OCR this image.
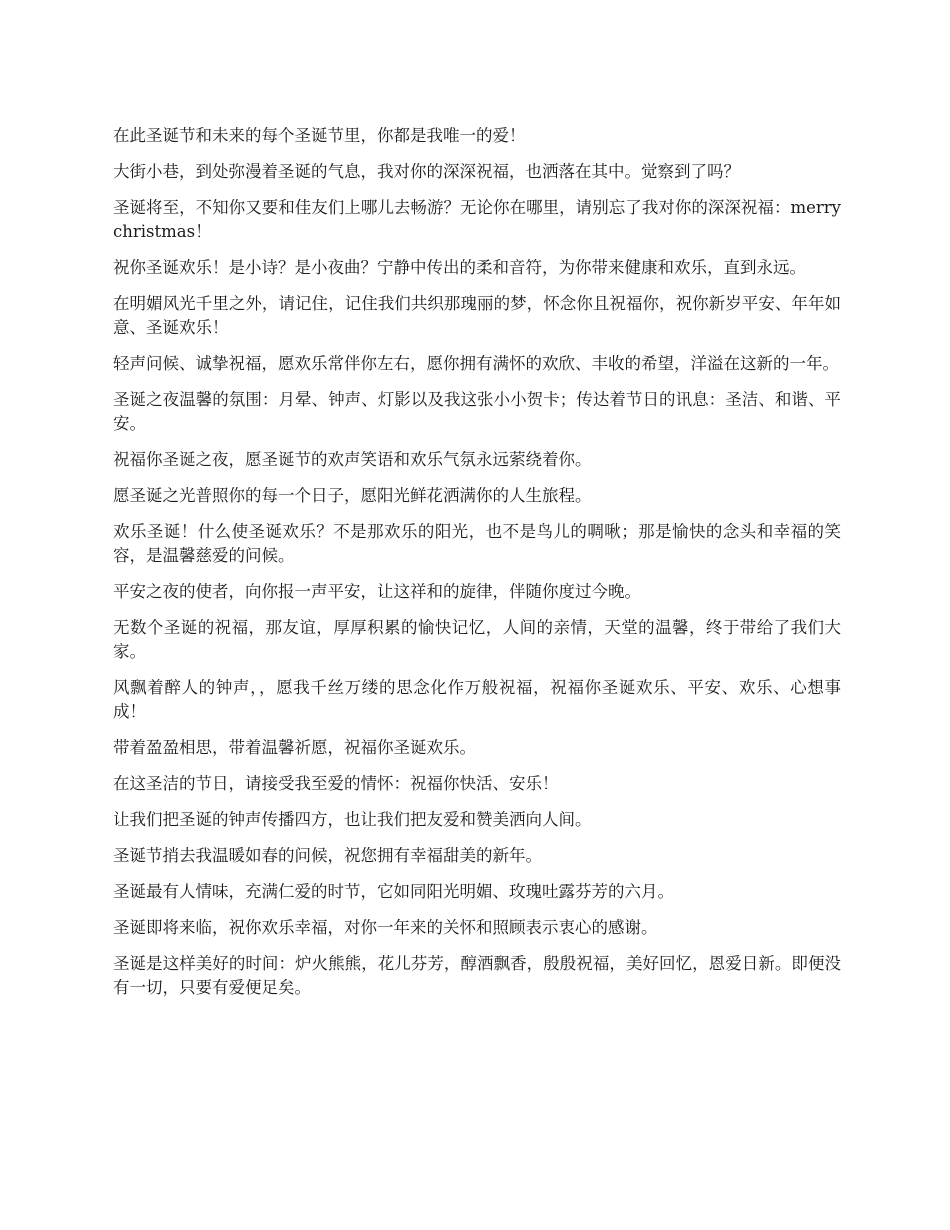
在此圣诞节和未来的每个圣诞节里，你都是我唯一的爱！

大街小巷，到处弥漫着圣诞的气息，我对你的深深祝福，也洒落在其中。觉察到了吗？

圣诞将至，不知你又要和佳友们上哪儿去畅游？无论你在哪里，请别忘了我对你的深深祝福：merry christmas！

祝你圣诞欢乐！是小诗？是小夜曲？宁静中传出的柔和音符，为你带来健康和欢乐，直到永远。

在明媚风光千里之外，请记住，记住我们共织那瑰丽的梦，怀念你且祝福你，祝你新岁平安、年年如意、圣诞欢乐！

轻声问候、诚挚祝福，愿欢乐常伴你左右，愿你拥有满怀的欢欣、丰收的希望，洋溢在这新的一年。

圣诞之夜温馨的氛围：月晕、钟声、灯影以及我这张小小贺卡；传达着节日的讯息：圣洁、和谐、平安。

祝福你圣诞之夜，愿圣诞节的欢声笑语和欢乐气氛永远萦绕着你。

愿圣诞之光普照你的每一个日子，愿阳光鲜花洒满你的人生旅程。

欢乐圣诞！什么使圣诞欢乐？不是那欢乐的阳光，也不是鸟儿的啁啾；那是愉快的念头和幸福的笑容，是温馨慈爱的问候。

平安之夜的使者，向你报一声平安，让这祥和的旋律，伴随你度过今晚。

无数个圣诞的祝福，那友谊，厚厚积累的愉快记忆，人间的亲情，天堂的温馨，终于带给了我们大家。

风飘着醉人的钟声，，愿我千丝万缕的思念化作万般祝福，祝福你圣诞欢乐、平安、欢乐、心想事成！

带着盈盈相思，带着温馨祈愿，祝福你圣诞欢乐。

在这圣洁的节日，请接受我至爱的情怀：祝福你快活、安乐！

让我们把圣诞的钟声传播四方，也让我们把友爱和赞美洒向人间。

圣诞节捎去我温暖如春的问候，祝您拥有幸福甜美的新年。

圣诞最有人情味，充满仁爱的时节，它如同阳光明媚、玫瑰吐露芬芳的六月。

圣诞即将来临，祝你欢乐幸福，对你一年来的关怀和照顾表示衷心的感谢。

圣诞是这样美好的时间：炉火熊熊，花儿芬芳，醇酒飘香，殷殷祝福，美好回忆，恩爱日新。即便没有一切，只要有爱便足矣。
